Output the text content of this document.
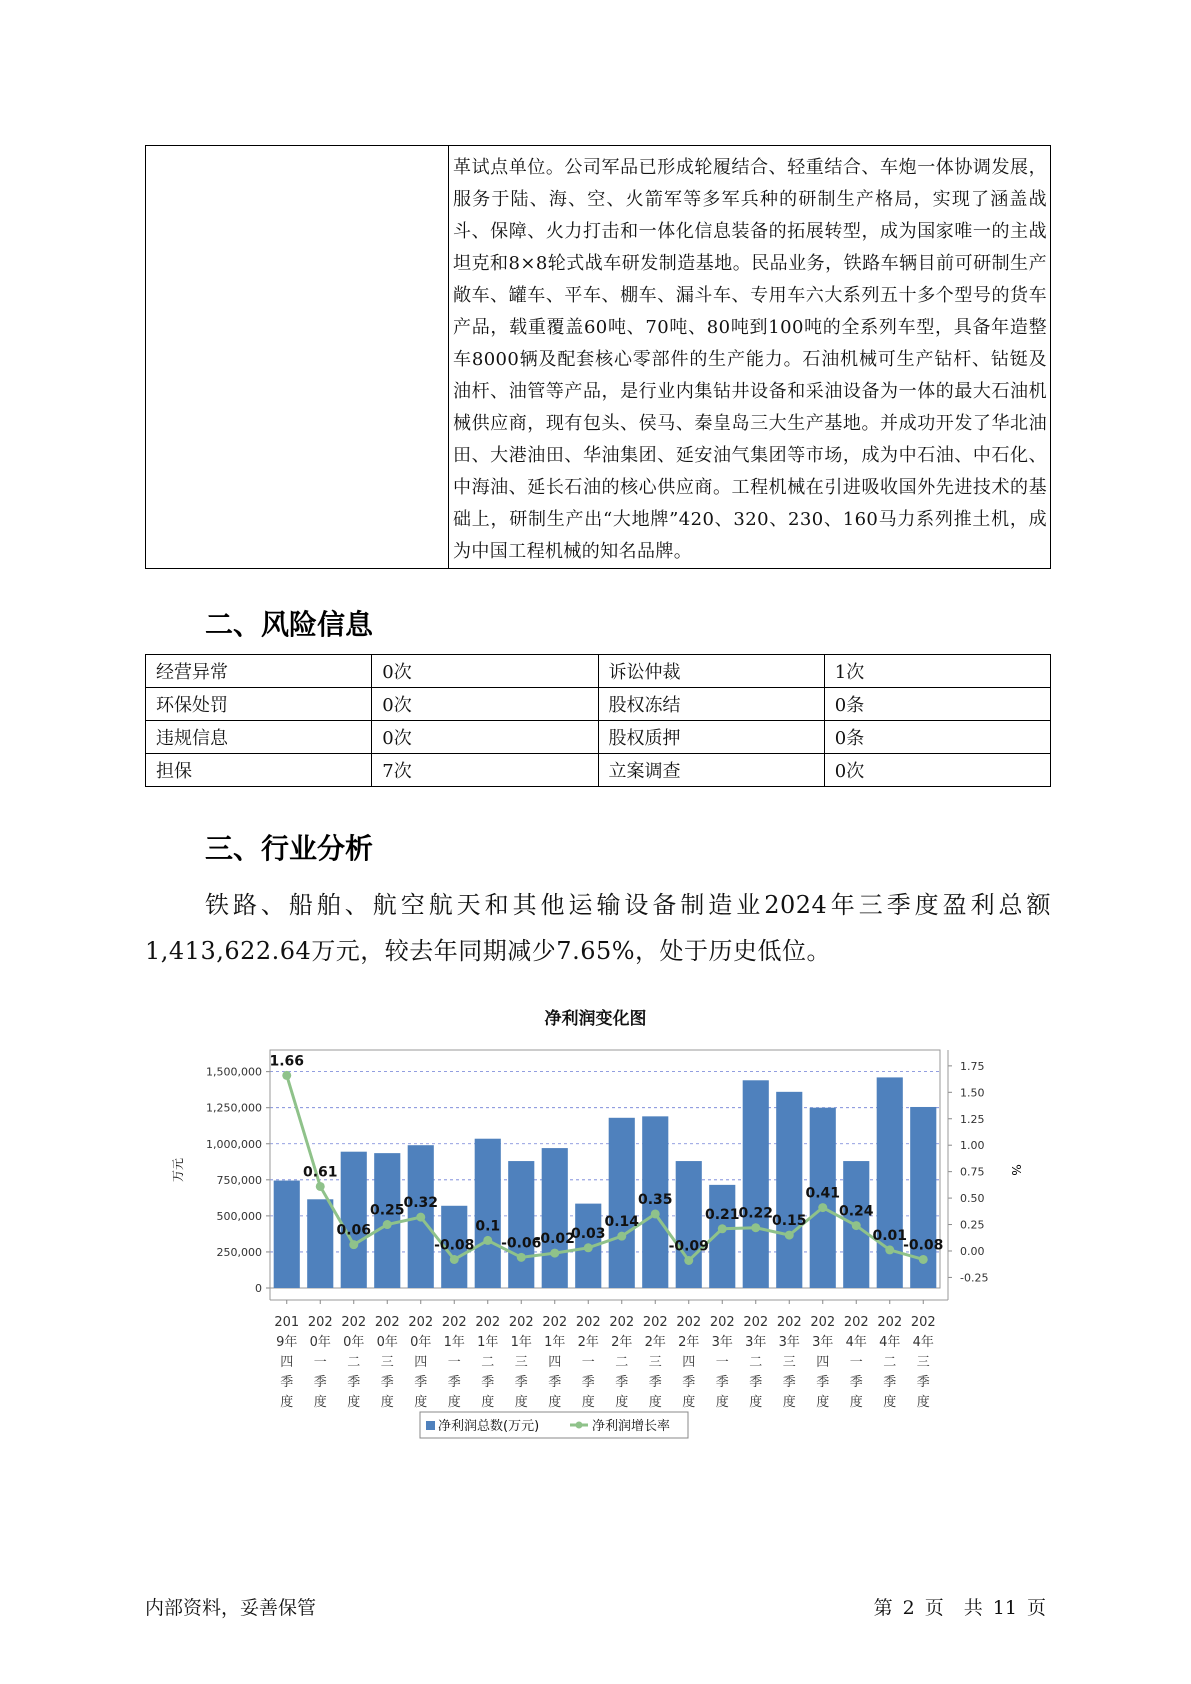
革试点单位。公司军品已形成轮履结合、轻重结合、车炮一体协调发展，服务于陆、海、空、火箭军等多军兵种的研制生产格局，实现了涵盖战斗、保障、火力打击和一体化信息装备的拓展转型，成为国家唯一的主战坦克和8×8轮式战车研发制造基地。民品业务，铁路车辆目前可研制生产敞车、罐车、平车、棚车、漏斗车、专用车六大系列五十多个型号的货车产品，载重覆盖60吨、70吨、80吨到100吨的全系列车型，具备年造整车8000辆及配套核心零部件的生产能力。石油机械可生产钻杆、钻铤及油杆、油管等产品，是行业内集钻井设备和采油设备为一体的最大石油机械供应商，现有包头、侯马、秦皇岛三大生产基地。并成功开发了华北油田、大港油田、华油集团、延安油气集团等市场，成为中石油、中石化、中海油、延长石油的核心供应商。工程机械在引进吸收国外先进技术的基础上，研制生产出“大地牌”420、320、230、160马力系列推土机，成为中国工程机械的知名品牌。
二、风险信息
经营异常	0次	诉讼仲裁	1次
环保处罚	0次	股权冻结	0条
违规信息	0次	股权质押	0条
担保	7次	立案调查	0次
三、行业分析
铁路、船舶、航空航天和其他运输设备制造业2024年三季度盈利总额1,413,622.64万元，较去年同期减少7.65%，处于历史低位。
净利润变化图
0
250,000
500,000
750,000
1,000,000
1,250,000
1,500,000
-0.25
0.00
0.25
0.50
0.75
1.00
1.25
1.50
1.75
万元	%
201
9年
四
季
度
202
0年
一
季
度
202
0年
二
季
度
202
0年
三
季
度
202
0年
四
季
度
202
1年
一
季
度
202
1年
二
季
度
202
1年
三
季
度
202
1年
四
季
度
202
2年
一
季
度
202
2年
二
季
度
202
2年
三
季
度
202
2年
四
季
度
202
3年
一
季
度
202
3年
二
季
度
202
3年
三
季
度
202
3年
四
季
度
202
4年
一
季
度
202
4年
二
季
度
202
4年
三
季
度
1.66
0.61
0.06
0.25
0.32
-0.08
0.1
-0.06
-0.02
0.03
0.14
0.35
-0.09
0.21
0.22
0.15
0.41
0.24
0.01
-0.08
净利润总数(万元)	净利润增长率
内部资料，妥善保管	第 2 页 共 11 页
